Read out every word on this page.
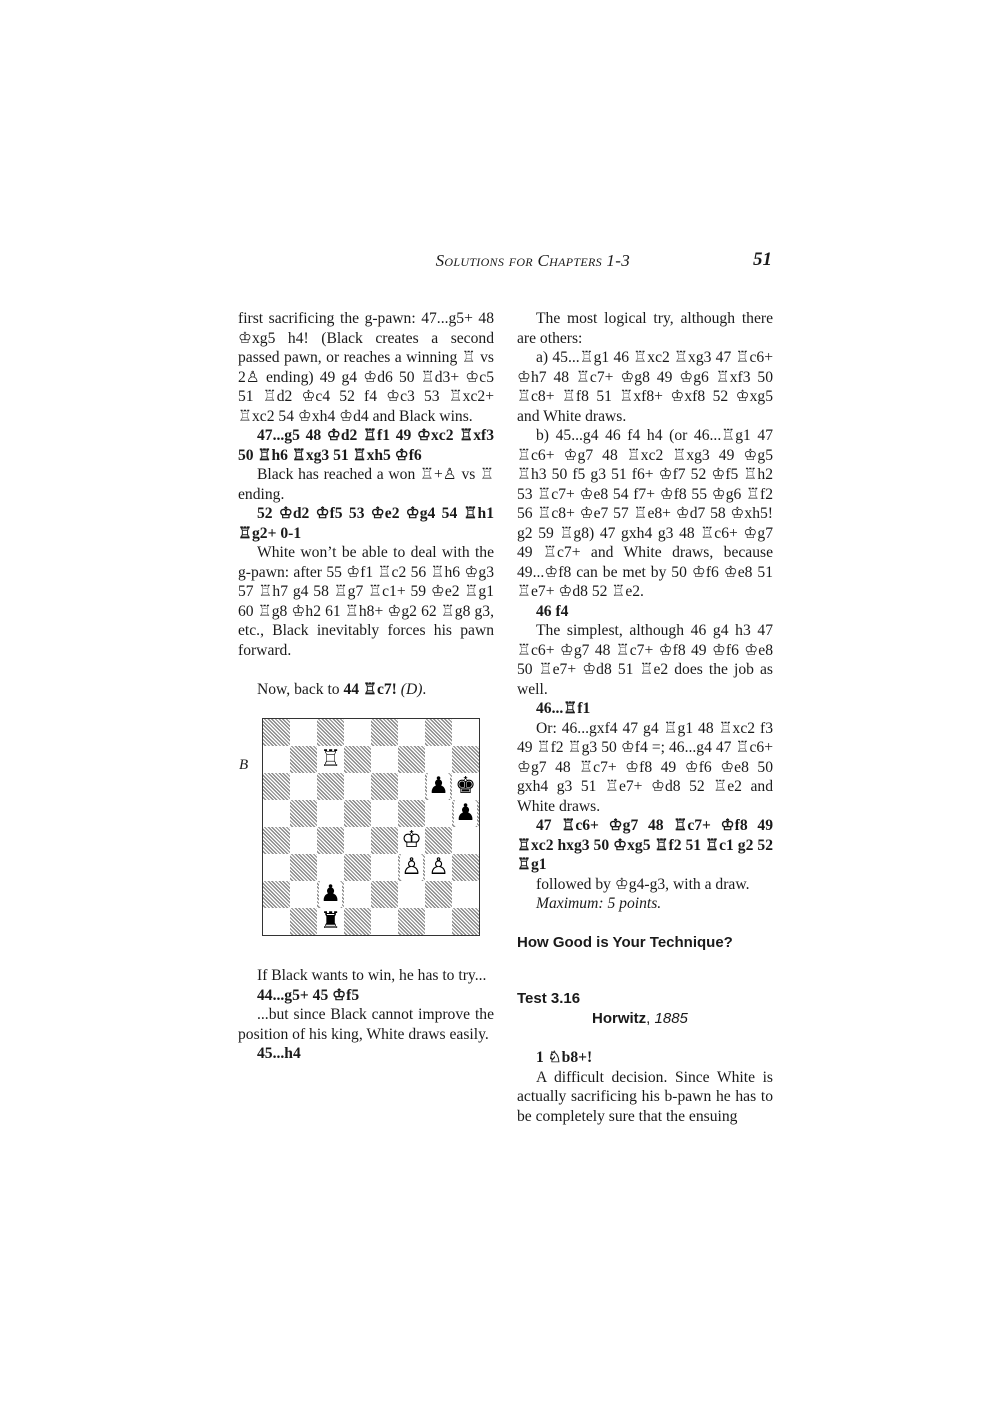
Solutions for Chapters 1-3	51

first sacrificing the g-pawn: 47...g5+ 48 ♔xg5 h4! (Black creates a second passed pawn, or reaches a winning ♖ vs 2♙ ending) 49 g4 ♔d6 50 ♖d3+ ♔c5 51 ♖d2 ♔c4 52 f4 ♔c3 53 ♖xc2+ ♖xc2 54 ♔xh4 ♔d4 and Black wins.

47...g5 48 ♔d2 ♖f1 49 ♔xc2 ♖xf3 50 ♖h6 ♖xg3 51 ♖xh5 ♔f6

Black has reached a won ♖+♙ vs ♖ ending.

52 ♔d2 ♔f5 53 ♔e2 ♔g4 54 ♖h1 ♖g2+ 0-1

White won’t be able to deal with the g-pawn: after 55 ♔f1 ♖c2 56 ♖h6 ♔g3 57 ♖h7 g4 58 ♖g7 ♖c1+ 59 ♔e2 ♖g1 60 ♖g8 ♔h2 61 ♖h8+ ♔g2 62 ♖g8 g3, etc., Black inevitably forces his pawn forward.

Now, back to 44 ♖c7! (D).

B	♖
♟ ♚
♟
♔
♙ ♙
♟
♜

If Black wants to win, he has to try...

44...g5+ 45 ♔f5

...but since Black cannot improve the position of his king, White draws easily.

45...h4

The most logical try, although there are others:

a) 45...♖g1 46 ♖xc2 ♖xg3 47 ♖c6+ ♔h7 48 ♖c7+ ♔g8 49 ♔g6 ♖xf3 50 ♖c8+ ♖f8 51 ♖xf8+ ♔xf8 52 ♔xg5 and White draws.

b) 45...g4 46 f4 h4 (or 46...♖g1 47 ♖c6+ ♔g7 48 ♖xc2 ♖xg3 49 ♔g5 ♖h3 50 f5 g3 51 f6+ ♔f7 52 ♔f5 ♖h2 53 ♖c7+ ♔e8 54 f7+ ♔f8 55 ♔g6 ♖f2 56 ♖c8+ ♔e7 57 ♖e8+ ♔d7 58 ♔xh5! g2 59 ♖g8) 47 gxh4 g3 48 ♖c6+ ♔g7 49 ♖c7+ and White draws, because 49...♔f8 can be met by 50 ♔f6 ♔e8 51 ♖e7+ ♔d8 52 ♖e2.

46 f4

The simplest, although 46 g4 h3 47 ♖c6+ ♔g7 48 ♖c7+ ♔f8 49 ♔f6 ♔e8 50 ♖e7+ ♔d8 51 ♖e2 does the job as well.

46...♖f1

Or: 46...gxf4 47 g4 ♖g1 48 ♖xc2 f3 49 ♖f2 ♖g3 50 ♔f4 =; 46...g4 47 ♖c6+ ♔g7 48 ♖c7+ ♔f8 49 ♔f6 ♔e8 50 gxh4 g3 51 ♖e7+ ♔d8 52 ♖e2 and White draws.

47 ♖c6+ ♔g7 48 ♖c7+ ♔f8 49 ♖xc2 hxg3 50 ♔xg5 ♖f2 51 ♖c1 g2 52 ♖g1

followed by ♔g4-g3, with a draw.

Maximum: 5 points.

How Good is Your Technique?

Test 3.16

Horwitz, 1885

1 ♘b8+!

A difficult decision. Since White is actually sacrificing his b-pawn he has to be completely sure that the ensuing
